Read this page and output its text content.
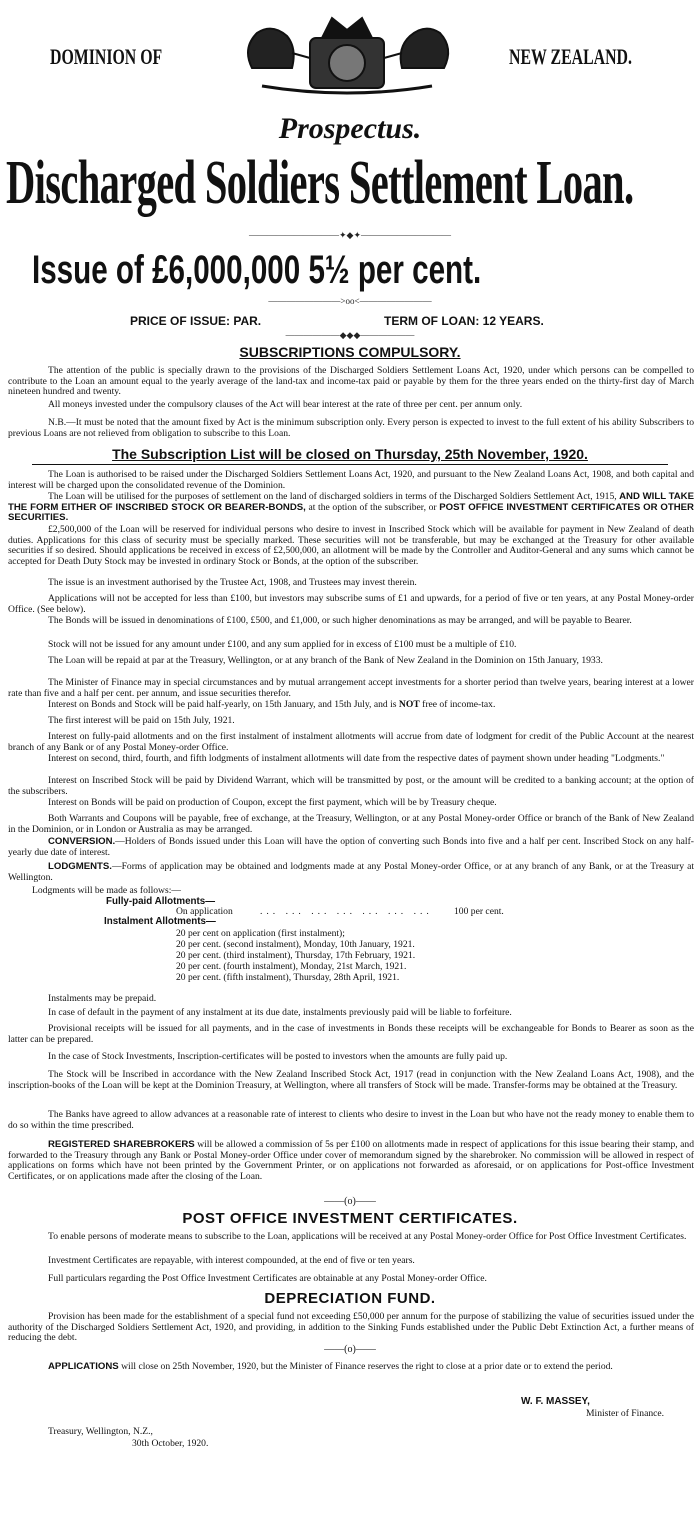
DOMINION OF	NEW ZEALAND.
Prospectus.
Discharged Soldiers Settlement Loan.
——————————✦◆✦——————————
Issue of £6,000,000 5½ per cent.
————————>oo<————————
PRICE OF ISSUE: PAR.	TERM OF LOAN: 12 YEARS.
——————◆◆◆——————
SUBSCRIPTIONS COMPULSORY.

The attention of the public is specially drawn to the provisions of the Discharged Soldiers Settlement Loans Act, 1920, under which persons can be compelled to contribute to the Loan an amount equal to the yearly average of the land-tax and income-tax paid or payable by them for the three years ended on the thirty-first day of March nineteen hundred and twenty.

All moneys invested under the compulsory clauses of the Act will bear interest at the rate of three per cent. per annum only.

N.B.—It must be noted that the amount fixed by Act is the minimum subscription only. Every person is expected to invest to the full extent of his ability Subscribers to previous Loans are not relieved from obligation to subscribe to this Loan.

The Subscription List will be closed on Thursday, 25th November, 1920.

The Loan is authorised to be raised under the Discharged Soldiers Settlement Loans Act, 1920, and pursuant to the New Zealand Loans Act, 1908, and both capital and interest will be charged upon the consolidated revenue of the Dominion.

The Loan will be utilised for the purposes of settlement on the land of discharged soldiers in terms of the Discharged Soldiers Settlement Act, 1915, AND WILL TAKE THE FORM EITHER OF INSCRIBED STOCK OR BEARER-BONDS, at the option of the subscriber, or POST OFFICE INVESTMENT CERTIFICATES OR OTHER SECURITIES.

£2,500,000 of the Loan will be reserved for individual persons who desire to invest in Inscribed Stock which will be available for payment in New Zealand of death duties. Applications for this class of security must be specially marked. These securities will not be transferable, but may be exchanged at the Treasury for other available securities if so desired. Should applications be received in excess of £2,500,000, an allotment will be made by the Controller and Auditor-General and any sums which cannot be accepted for Death Duty Stock may be invested in ordinary Stock or Bonds, at the option of the subscriber.

The issue is an investment authorised by the Trustee Act, 1908, and Trustees may invest therein.

Applications will not be accepted for less than £100, but investors may subscribe sums of £1 and upwards, for a period of five or ten years, at any Postal Money-order Office. (See below).

The Bonds will be issued in denominations of £100, £500, and £1,000, or such higher denominations as may be arranged, and will be payable to Bearer.

Stock will not be issued for any amount under £100, and any sum applied for in excess of £100 must be a multiple of £10.

The Loan will be repaid at par at the Treasury, Wellington, or at any branch of the Bank of New Zealand in the Dominion on 15th January, 1933.

The Minister of Finance may in special circumstances and by mutual arrangement accept investments for a shorter period than twelve years, bearing interest at a lower rate than five and a half per cent. per annum, and issue securities therefor.

Interest on Bonds and Stock will be paid half-yearly, on 15th January, and 15th July, and is NOT free of income-tax.

The first interest will be paid on 15th July, 1921.

Interest on fully-paid allotments and on the first instalment of instalment allotments will accrue from date of lodgment for credit of the Public Account at the nearest branch of any Bank or of any Postal Money-order Office.

Interest on second, third, fourth, and fifth lodgments of instalment allotments will date from the respective dates of payment shown under heading "Lodgments."

Interest on Inscribed Stock will be paid by Dividend Warrant, which will be transmitted by post, or the amount will be credited to a banking account; at the option of the subscribers.

Interest on Bonds will be paid on production of Coupon, except the first payment, which will be by Treasury cheque.

Both Warrants and Coupons will be payable, free of exchange, at the Treasury, Wellington, or at any Postal Money-order Office or branch of the Bank of New Zealand in the Dominion, or in London or Australia as may be arranged.

CONVERSION.—Holders of Bonds issued under this Loan will have the option of converting such Bonds into five and a half per cent. Inscribed Stock on any half-yearly due date of interest.

LODGMENTS.—Forms of application may be obtained and lodgments made at any Postal Money-order Office, or at any branch of any Bank, or at the Treasury at Wellington.

Lodgments will be made as follows:—

Fully-paid Allotments—
On application	... ... ... ... ... ... ... 100 per cent.
Instalment Allotments—
20 per cent on application (first instalment);
20 per cent. (second instalment), Monday, 10th January, 1921.
20 per cent. (third instalment), Thursday, 17th February, 1921.
20 per cent. (fourth instalment), Monday, 21st March, 1921.
20 per cent. (fifth instalment), Thursday, 28th April, 1921.

Instalments may be prepaid.

In case of default in the payment of any instalment at its due date, instalments previously paid will be liable to forfeiture.

Provisional receipts will be issued for all payments, and in the case of investments in Bonds these receipts will be exchangeable for Bonds to Bearer as soon as the latter can be prepared.

In the case of Stock Investments, Inscription-certificates will be posted to investors when the amounts are fully paid up.

The Stock will be Inscribed in accordance with the New Zealand Inscribed Stock Act, 1917 (read in conjunction with the New Zealand Loans Act, 1908), and the inscription-books of the Loan will be kept at the Dominion Treasury, at Wellington, where all transfers of Stock will be made. Transfer-forms may be obtained at the Treasury.

The Banks have agreed to allow advances at a reasonable rate of interest to clients who desire to invest in the Loan but who have not the ready money to enable them to do so within the time prescribed.

REGISTERED SHAREBROKERS will be allowed a commission of 5s per £100 on allotments made in respect of applications for this issue bearing their stamp, and forwarded to the Treasury through any Bank or Postal Money-order Office under cover of memorandum signed by the sharebroker. No commission will be allowed in respect of applications on forms which have not been printed by the Government Printer, or on applications not forwarded as aforesaid, or on applications for Post-office Investment Certificates, or on applications made after the closing of the Loan.

——(o)——
POST OFFICE INVESTMENT CERTIFICATES.

To enable persons of moderate means to subscribe to the Loan, applications will be received at any Postal Money-order Office for Post Office Investment Certificates.

Investment Certificates are repayable, with interest compounded, at the end of five or ten years.

Full particulars regarding the Post Office Investment Certificates are obtainable at any Postal Money-order Office.

DEPRECIATION FUND.

Provision has been made for the establishment of a special fund not exceeding £50,000 per annum for the purpose of stabilizing the value of securities issued under the authority of the Discharged Soldiers Settlement Act, 1920, and providing, in addition to the Sinking Funds established under the Public Debt Extinction Act, a further means of reducing the debt.

——(o)——

APPLICATIONS will close on 25th November, 1920, but the Minister of Finance reserves the right to close at a prior date or to extend the period.

W. F. MASSEY,
Minister of Finance.
Treasury, Wellington, N.Z.,
30th October, 1920.
